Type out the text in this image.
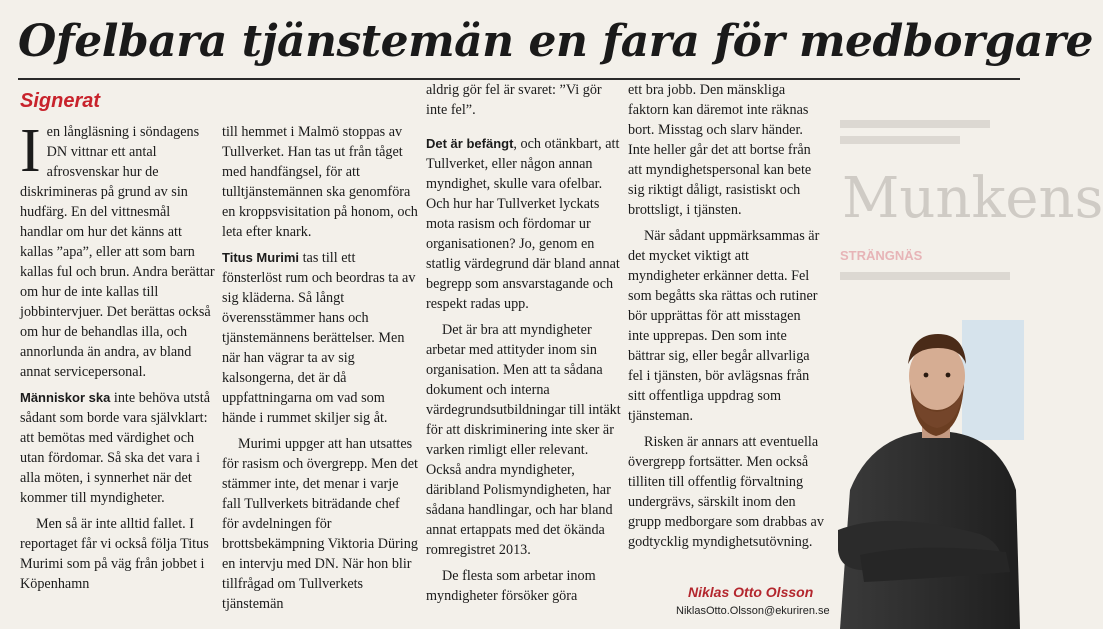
Ofelbara tjänstemän en fara för medborgare
Signerat

Ien långläsning i söndagens DN vittnar ett antal afrosvenskar hur de diskrimineras på grund av sin hudfärg. En del vittnesmål handlar om hur det känns att kallas ”apa”, eller att som barn kallas ful och brun. Andra berättar om hur de inte kallas till jobbintervjuer. Det berättas också om hur de behandlas illa, och annorlunda än andra, av bland annat servicepersonal.

Människor ska inte behöva utstå sådant som borde vara självklart: att bemötas med värdighet och utan fördomar. Så ska det vara i alla möten, i synnerhet när det kommer till myndigheter.

Men så är inte alltid fallet. I reportaget får vi också följa Titus Murimi som på väg från jobbet i Köpenhamn

till hemmet i Malmö stoppas av Tullverket. Han tas ut från tåget med handfängsel, för att tulltjänstemännen ska genomföra en kroppsvisitation på honom, och leta efter knark.

Titus Murimi tas till ett fönsterlöst rum och beordras ta av sig kläderna. Så långt överensstämmer hans och tjänstemännens berättelser. Men när han vägrar ta av sig kalsongerna, det är då uppfattningarna om vad som hände i rummet skiljer sig åt.

Murimi uppger att han utsattes för rasism och övergrepp. Men det stämmer inte, det menar i varje fall Tullverkets biträdande chef för avdelningen för brottsbekämpning Viktoria Düring en intervju med DN. När hon blir tillfrågad om Tullverkets tjänstemän

aldrig gör fel är svaret: ”Vi gör inte fel”.

Det är befängt, och otänkbart, att Tullverket, eller någon annan myndighet, skulle vara ofelbar. Och hur har Tullverket lyckats mota rasism och fördomar ur organisationen? Jo, genom en statlig värdegrund där bland annat begrepp som ansvarstagande och respekt radas upp.

Det är bra att myndigheter arbetar med attityder inom sin organisation. Men att ta sådana dokument och interna värdegrundsutbildningar till intäkt för att diskriminering inte sker är varken rimligt eller relevant. Också andra myndigheter, däribland Polismyndigheten, har sådana handlingar, och har bland annat ertappats med det ökända romregistret 2013.

De flesta som arbetar inom myndigheter försöker göra

ett bra jobb. Den mänskliga faktorn kan däremot inte räknas bort. Misstag och slarv händer. Inte heller går det att bortse från att myndighetspersonal kan bete sig riktigt dåligt, rasistiskt och brottsligt, i tjänsten.

När sådant uppmärksammas är det mycket viktigt att myndigheter erkänner detta. Fel som begåtts ska rättas och rutiner bör upprättas för att misstagen inte upprepas. Den som inte bättrar sig, eller begår allvarliga fel i tjänsten, bör avlägsnas från sitt offentliga uppdrag som tjänsteman.

Risken är annars att eventuella övergrepp fortsätter. Men också tilliten till offentlig förvaltning undergrävs, särskilt inom den grupp medborgare som drabbas av godtycklig myndighetsutövning.

Munkens
STRÄNGNÄS
Niklas Otto Olsson
NiklasOtto.Olsson@ekuriren.se
